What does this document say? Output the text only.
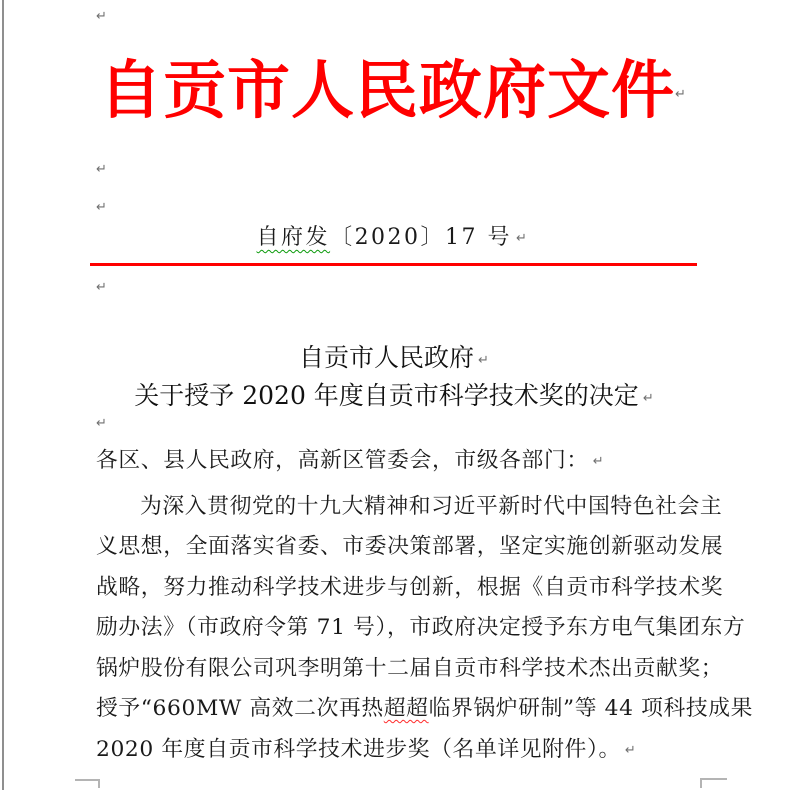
↵
↵
↵
↵
↵
自贡市人民政府文件↵
自府发〔2020〕17 号 ↵
自贡市人民政府 ↵
关于授予 2020 年度自贡市科学技术奖的决定 ↵
各区、县人民政府，高新区管委会，市级各部门： ↵
为深入贯彻党的十九大精神和习近平新时代中国特色社会主
义思想，全面落实省委、市委决策部署，坚定实施创新驱动发展
战略，努力推动科学技术进步与创新，根据《自贡市科学技术奖
励办法》（市政府令第 71 号），市政府决定授予东方电气集团东方
锅炉股份有限公司巩李明第十二届自贡市科学技术杰出贡献奖；
授予“660MW 高效二次再热超超临界锅炉研制”等 44 项科技成果
2020 年度自贡市科学技术进步奖（名单详见附件）。 ↵
